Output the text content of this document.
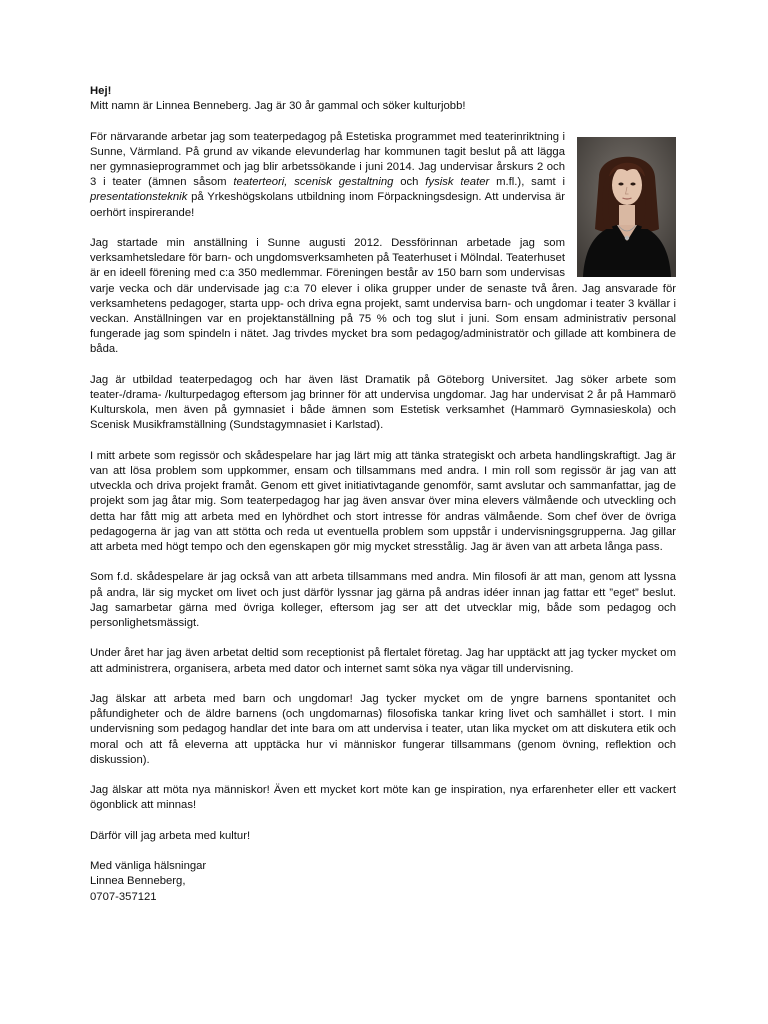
Hej!

Mitt namn är Linnea Benneberg. Jag är 30 år gammal och söker kulturjobb!

För närvarande arbetar jag som teaterpedagog på Estetiska programmet med teaterinriktning i Sunne, Värmland. På grund av vikande elevunderlag har kommunen tagit beslut på att lägga ner gymnasieprogrammet och jag blir arbetssökande i juni 2014. Jag undervisar årskurs 2 och 3 i teater (ämnen såsom teaterteori, scenisk gestaltning och fysisk teater m.fl.), samt i presentationsteknik på Yrkeshögskolans utbildning inom Förpackningsdesign. Att undervisa är oerhört inspirerande!

Jag startade min anställning i Sunne augusti 2012. Dessförinnan arbetade jag som verksamhetsledare för barn- och ungdomsverksamheten på Teaterhuset i Mölndal. Teaterhuset är en ideell förening med c:a 350 medlemmar. Föreningen består av 150 barn som undervisas varje vecka och där undervisade jag c:a 70 elever i olika grupper under de senaste två åren. Jag ansvarade för verksamhetens pedagoger, starta upp- och driva egna projekt, samt undervisa barn- och ungdomar i teater 3 kvällar i veckan. Anställningen var en projektanställning på 75 % och tog slut i juni. Som ensam administrativ personal fungerade jag som spindeln i nätet. Jag trivdes mycket bra som pedagog/administratör och gillade att kombinera de båda.

Jag är utbildad teaterpedagog och har även läst Dramatik på Göteborg Universitet. Jag söker arbete som teater-/drama- /kulturpedagog eftersom jag brinner för att undervisa ungdomar. Jag har undervisat 2 år på Hammarö Kulturskola, men även på gymnasiet i både ämnen som Estetisk verksamhet (Hammarö Gymnasieskola) och Scenisk Musikframställning (Sundstagymnasiet i Karlstad).

I mitt arbete som regissör och skådespelare har jag lärt mig att tänka strategiskt och arbeta handlingskraftigt. Jag är van att lösa problem som uppkommer, ensam och tillsammans med andra. I min roll som regissör är jag van att utveckla och driva projekt framåt. Genom ett givet initiativtagande genomför, samt avslutar och sammanfattar, jag de projekt som jag åtar mig. Som teaterpedagog har jag även ansvar över mina elevers välmående och utveckling och detta har fått mig att arbeta med en lyhördhet och stort intresse för andras välmående. Som chef över de övriga pedagogerna är jag van att stötta och reda ut eventuella problem som uppstår i undervisningsgrupperna. Jag gillar att arbeta med högt tempo och den egenskapen gör mig mycket stresstålig. Jag är även van att arbeta långa pass.

Som f.d. skådespelare är jag också van att arbeta tillsammans med andra. Min filosofi är att man, genom att lyssna på andra, lär sig mycket om livet och just därför lyssnar jag gärna på andras idéer innan jag fattar ett ”eget” beslut. Jag samarbetar gärna med övriga kolleger, eftersom jag ser att det utvecklar mig, både som pedagog och personlighetsmässigt.

Under året har jag även arbetat deltid som receptionist på flertalet företag. Jag har upptäckt att jag tycker mycket om att administrera, organisera, arbeta med dator och internet samt söka nya vägar till undervisning.

Jag älskar att arbeta med barn och ungdomar! Jag tycker mycket om de yngre barnens spontanitet och påfundigheter och de äldre barnens (och ungdomarnas) filosofiska tankar kring livet och samhället i stort. I min undervisning som pedagog handlar det inte bara om att undervisa i teater, utan lika mycket om att diskutera etik och moral och att få eleverna att upptäcka hur vi människor fungerar tillsammans (genom övning, reflektion och diskussion).

Jag älskar att möta nya människor! Även ett mycket kort möte kan ge inspiration, nya erfarenheter eller ett vackert ögonblick att minnas!

Därför vill jag arbeta med kultur!

Med vänliga hälsningar

Linnea Benneberg,

0707-357121
